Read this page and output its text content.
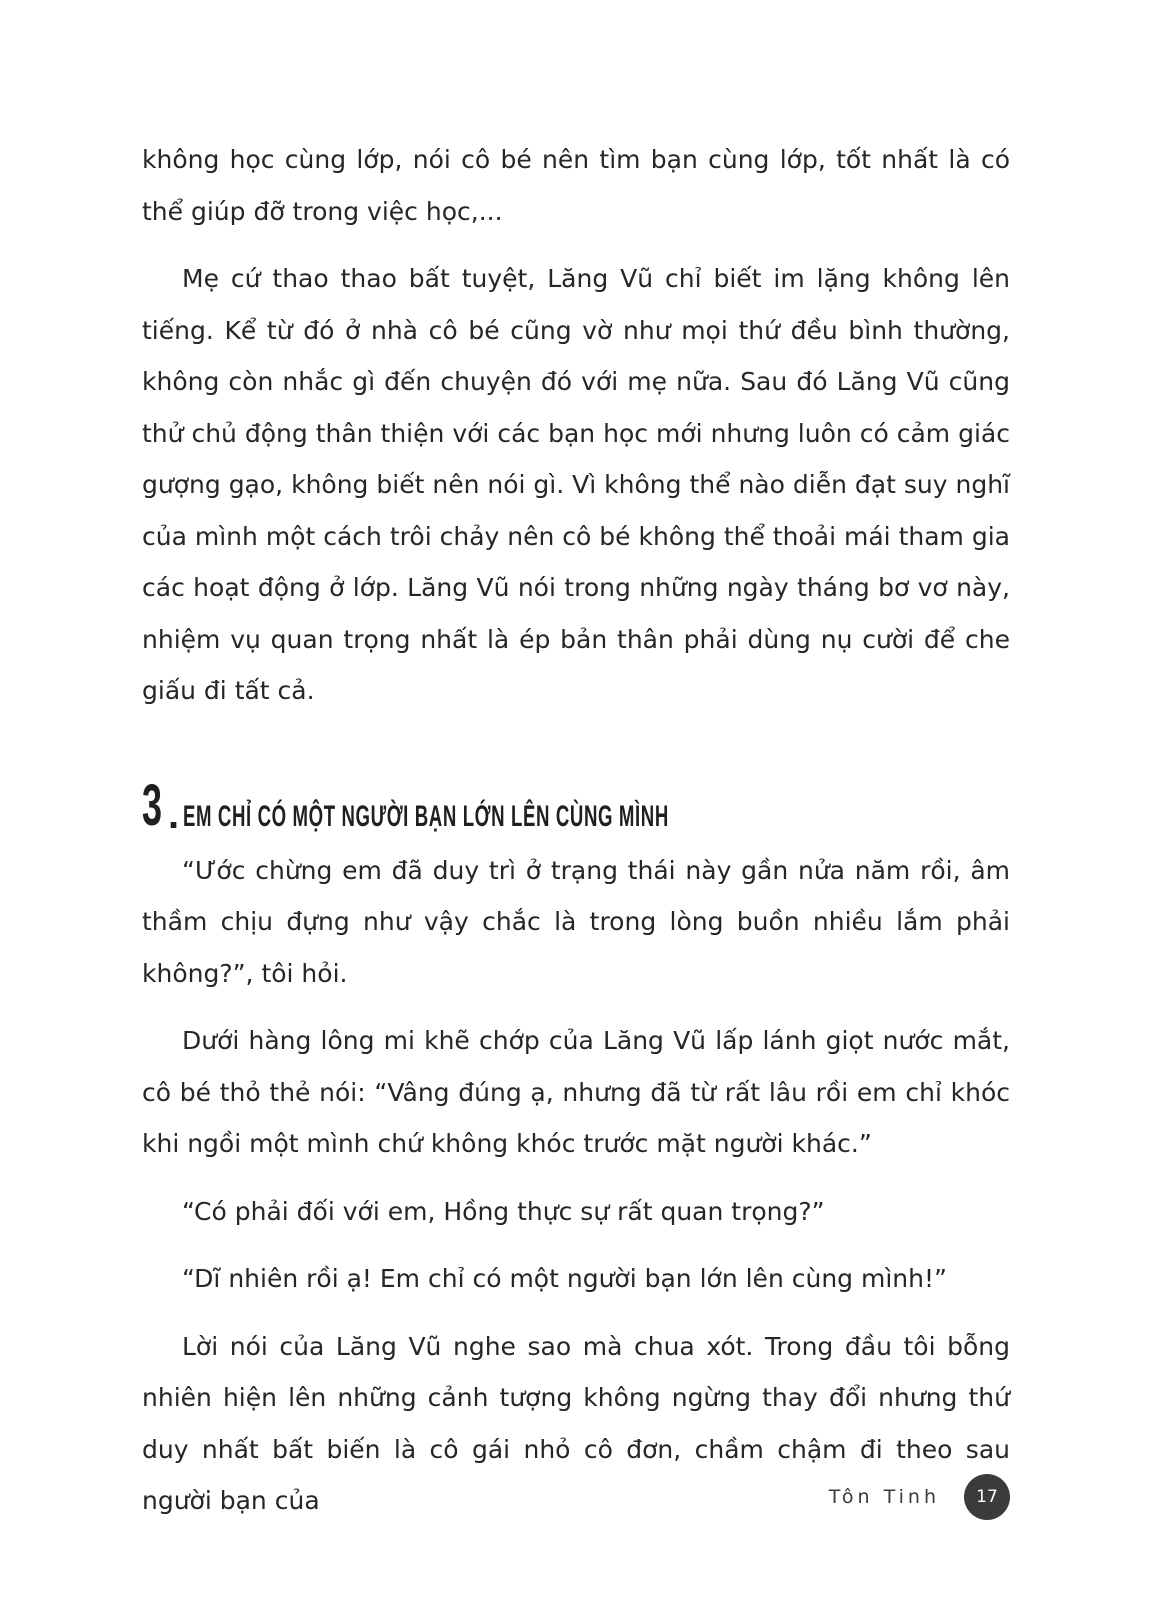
không học cùng lớp, nói cô bé nên tìm bạn cùng lớp, tốt nhất là có thể giúp đỡ trong việc học,...

Mẹ cứ thao thao bất tuyệt, Lăng Vũ chỉ biết im lặng không lên tiếng. Kể từ đó ở nhà cô bé cũng vờ như mọi thứ đều bình thường, không còn nhắc gì đến chuyện đó với mẹ nữa. Sau đó Lăng Vũ cũng thử chủ động thân thiện với các bạn học mới nhưng luôn có cảm giác gượng gạo, không biết nên nói gì. Vì không thể nào diễn đạt suy nghĩ của mình một cách trôi chảy nên cô bé không thể thoải mái tham gia các hoạt động ở lớp. Lăng Vũ nói trong những ngày tháng bơ vơ này, nhiệm vụ quan trọng nhất là ép bản thân phải dùng nụ cười để che giấu đi tất cả.

3 . EM CHỈ CÓ MỘT NGƯỜI BẠN LỚN LÊN CÙNG MÌNH

“Ước chừng em đã duy trì ở trạng thái này gần nửa năm rồi, âm thầm chịu đựng như vậy chắc là trong lòng buồn nhiều lắm phải không?”, tôi hỏi.

Dưới hàng lông mi khẽ chớp của Lăng Vũ lấp lánh giọt nước mắt, cô bé thỏ thẻ nói: “Vâng đúng ạ, nhưng đã từ rất lâu rồi em chỉ khóc khi ngồi một mình chứ không khóc trước mặt người khác.”

“Có phải đối với em, Hồng thực sự rất quan trọng?”

“Dĩ nhiên rồi ạ! Em chỉ có một người bạn lớn lên cùng mình!”

Lời nói của Lăng Vũ nghe sao mà chua xót. Trong đầu tôi bỗng nhiên hiện lên những cảnh tượng không ngừng thay đổi nhưng thứ duy nhất bất biến là cô gái nhỏ cô đơn, chầm chậm đi theo sau người bạn của	Tôn Tinh	17
